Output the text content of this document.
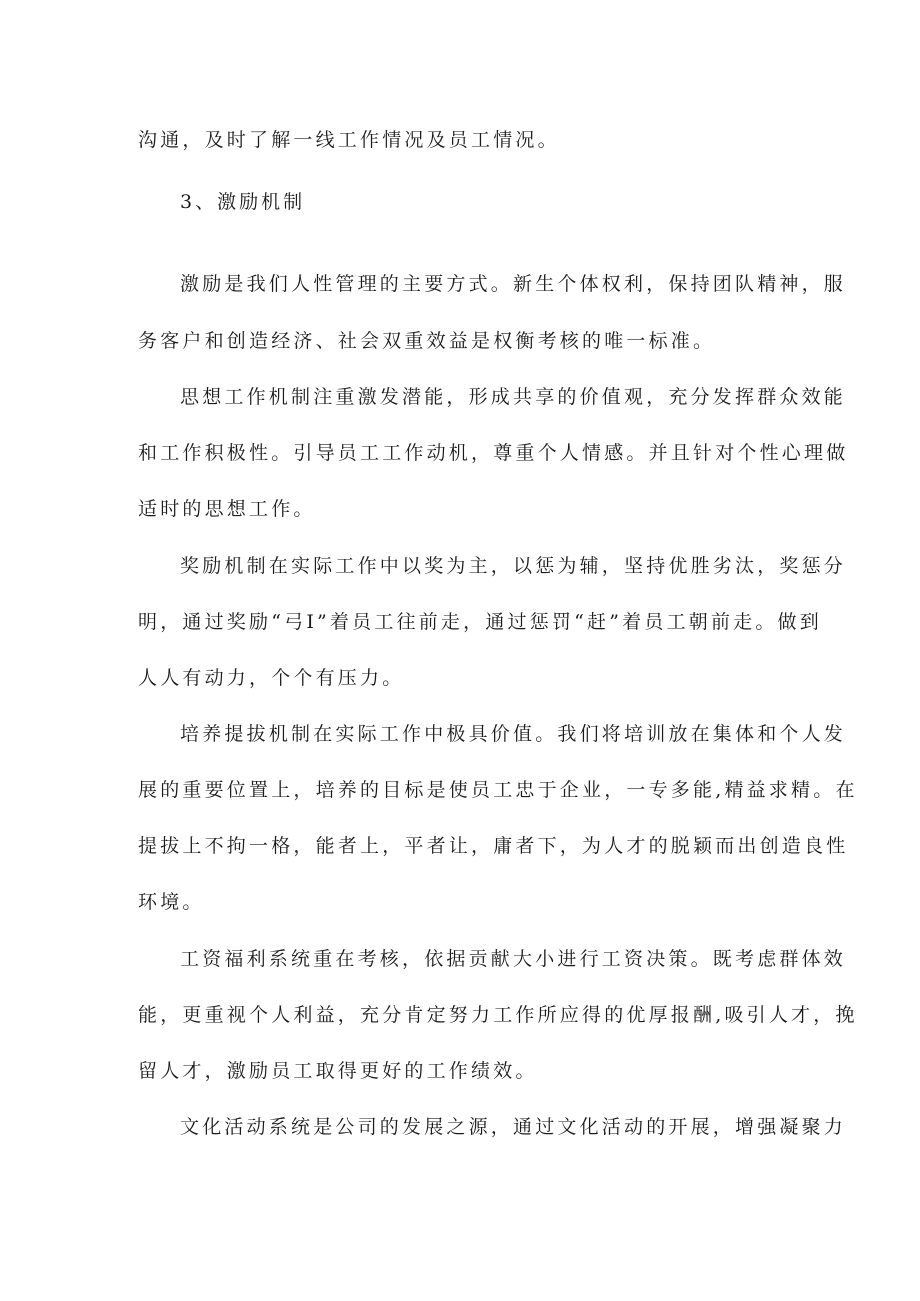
沟通，及时了解一线工作情况及员工情况。
3、激励机制
激励是我们人性管理的主要方式。新生个体权利，保持团队精神，服
务客户和创造经济、社会双重效益是权衡考核的唯一标准。
思想工作机制注重激发潜能，形成共享的价值观，充分发挥群众效能
和工作积极性。引导员工工作动机，尊重个人情感。并且针对个性心理做
适时的思想工作。
奖励机制在实际工作中以奖为主，以惩为辅，坚持优胜劣汰，奖惩分
明，通过奖励“弓I”着员工往前走，通过惩罚“赶”着员工朝前走。做到
人人有动力，个个有压力。
培养提拔机制在实际工作中极具价值。我们将培训放在集体和个人发
展的重要位置上，培养的目标是使员工忠于企业，一专多能,精益求精。在
提拔上不拘一格，能者上，平者让，庸者下，为人才的脱颖而出创造良性
环境。
工资福利系统重在考核，依据贡献大小进行工资决策。既考虑群体效
能，更重视个人利益，充分肯定努力工作所应得的优厚报酬,吸引人才，挽
留人才，激励员工取得更好的工作绩效。
文化活动系统是公司的发展之源，通过文化活动的开展，增强凝聚力
